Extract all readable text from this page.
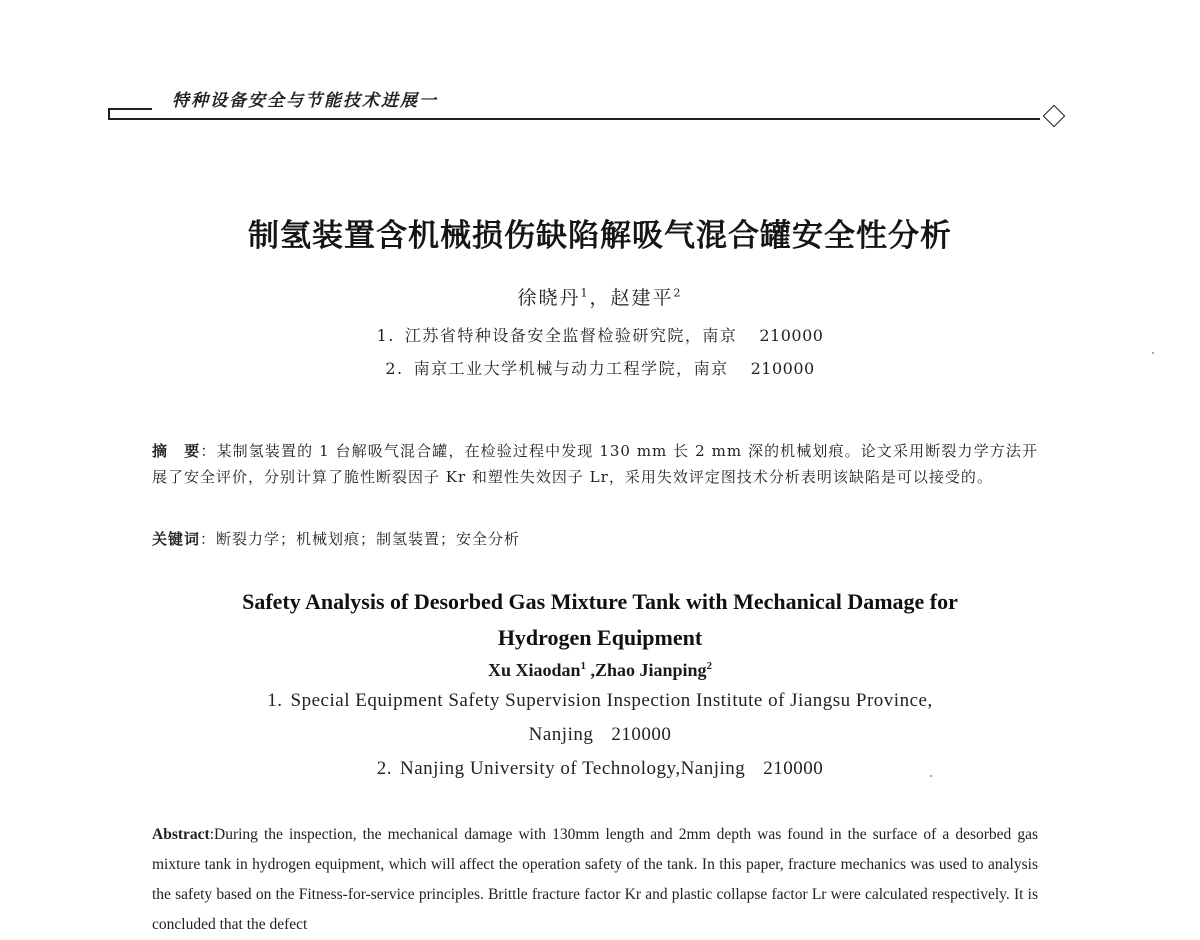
特种设备安全与节能技术进展一
制氢装置含机械损伤缺陷解吸气混合罐安全性分析
徐晓丹$^1$，赵建平$^2$
1. 江苏省特种设备安全监督检验研究院，南京 210000
2. 南京工业大学机械与动力工程学院，南京 210000
摘　要：某制氢装置的 1 台解吸气混合罐，在检验过程中发现 130 mm 长 2 mm 深的机械划痕。论文采用断裂力学方法开展了安全评价，分别计算了脆性断裂因子 Kr 和塑性失效因子 Lr，采用失效评定图技术分析表明该缺陷是可以接受的。
关键词：断裂力学；机械划痕；制氢装置；安全分析
Safety Analysis of Desorbed Gas Mixture Tank with Mechanical Damage for
Hydrogen Equipment
Xu Xiaodan$^1$ ,Zhao Jianping$^2$
1. Special Equipment Safety Supervision Inspection Institute of Jiangsu Province,
Nanjing 210000
2. Nanjing University of Technology,Nanjing 210000
Abstract:During the inspection, the mechanical damage with 130mm length and 2mm depth was found in the surface of a desorbed gas mixture tank in hydrogen equipment, which will affect the operation safety of the tank. In this paper, fracture mechanics was used to analysis the safety based on the Fitness-for-service principles. Brittle fracture factor Kr and plastic collapse factor Lr were calculated respectively. It is concluded that the defect
